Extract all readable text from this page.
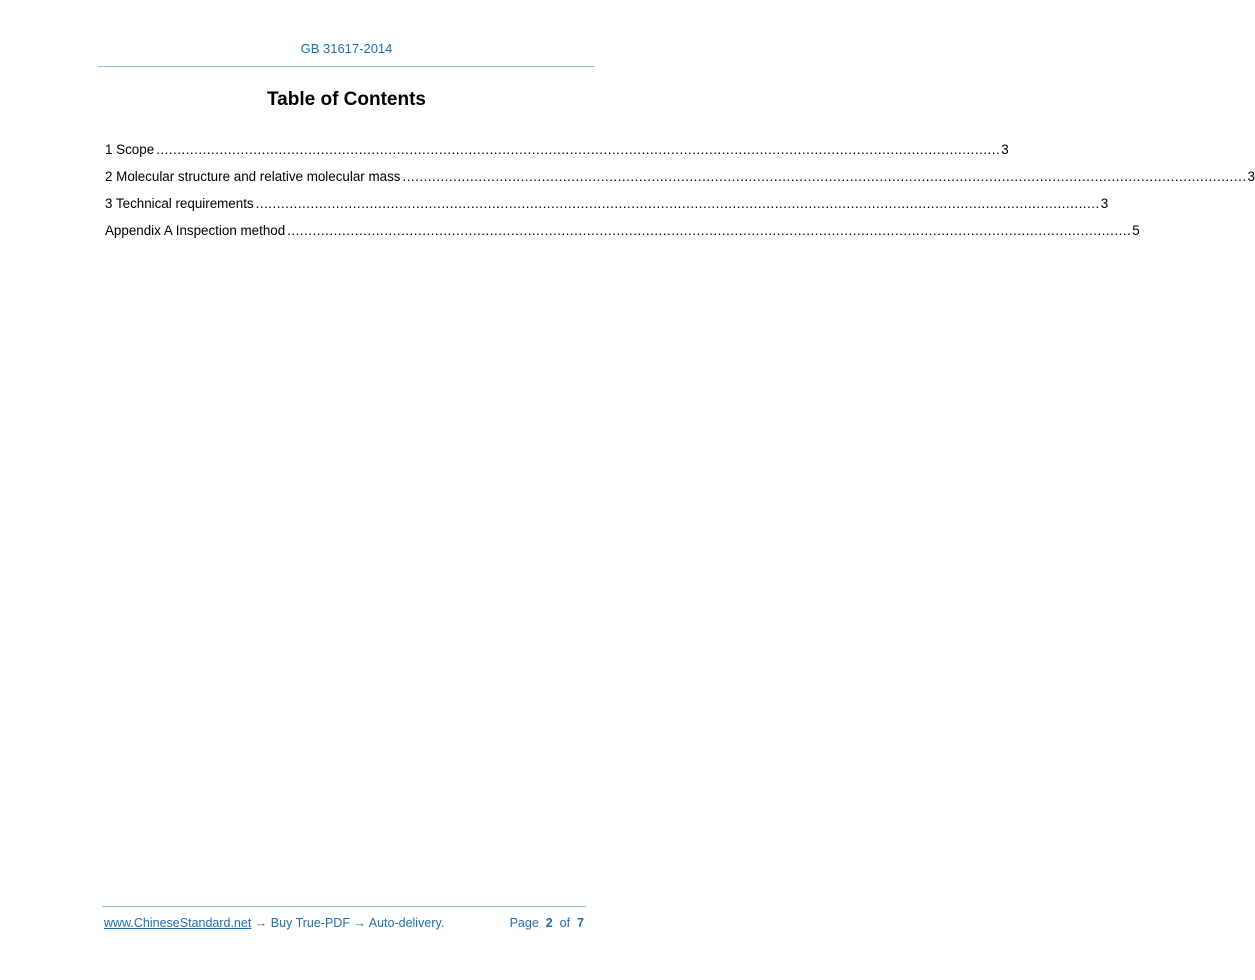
GB 31617-2014
Table of Contents
1 Scope ........................................................................................................................................................................................................ 3
2 Molecular structure and relative molecular mass ........................................................................................................................................................................................................ 3
3 Technical requirements ........................................................................................................................................................................................................ 3
Appendix A Inspection method ........................................................................................................................................................................................................ 5
www.ChineseStandard.net → Buy True-PDF → Auto-delivery.	Page 2 of 7
